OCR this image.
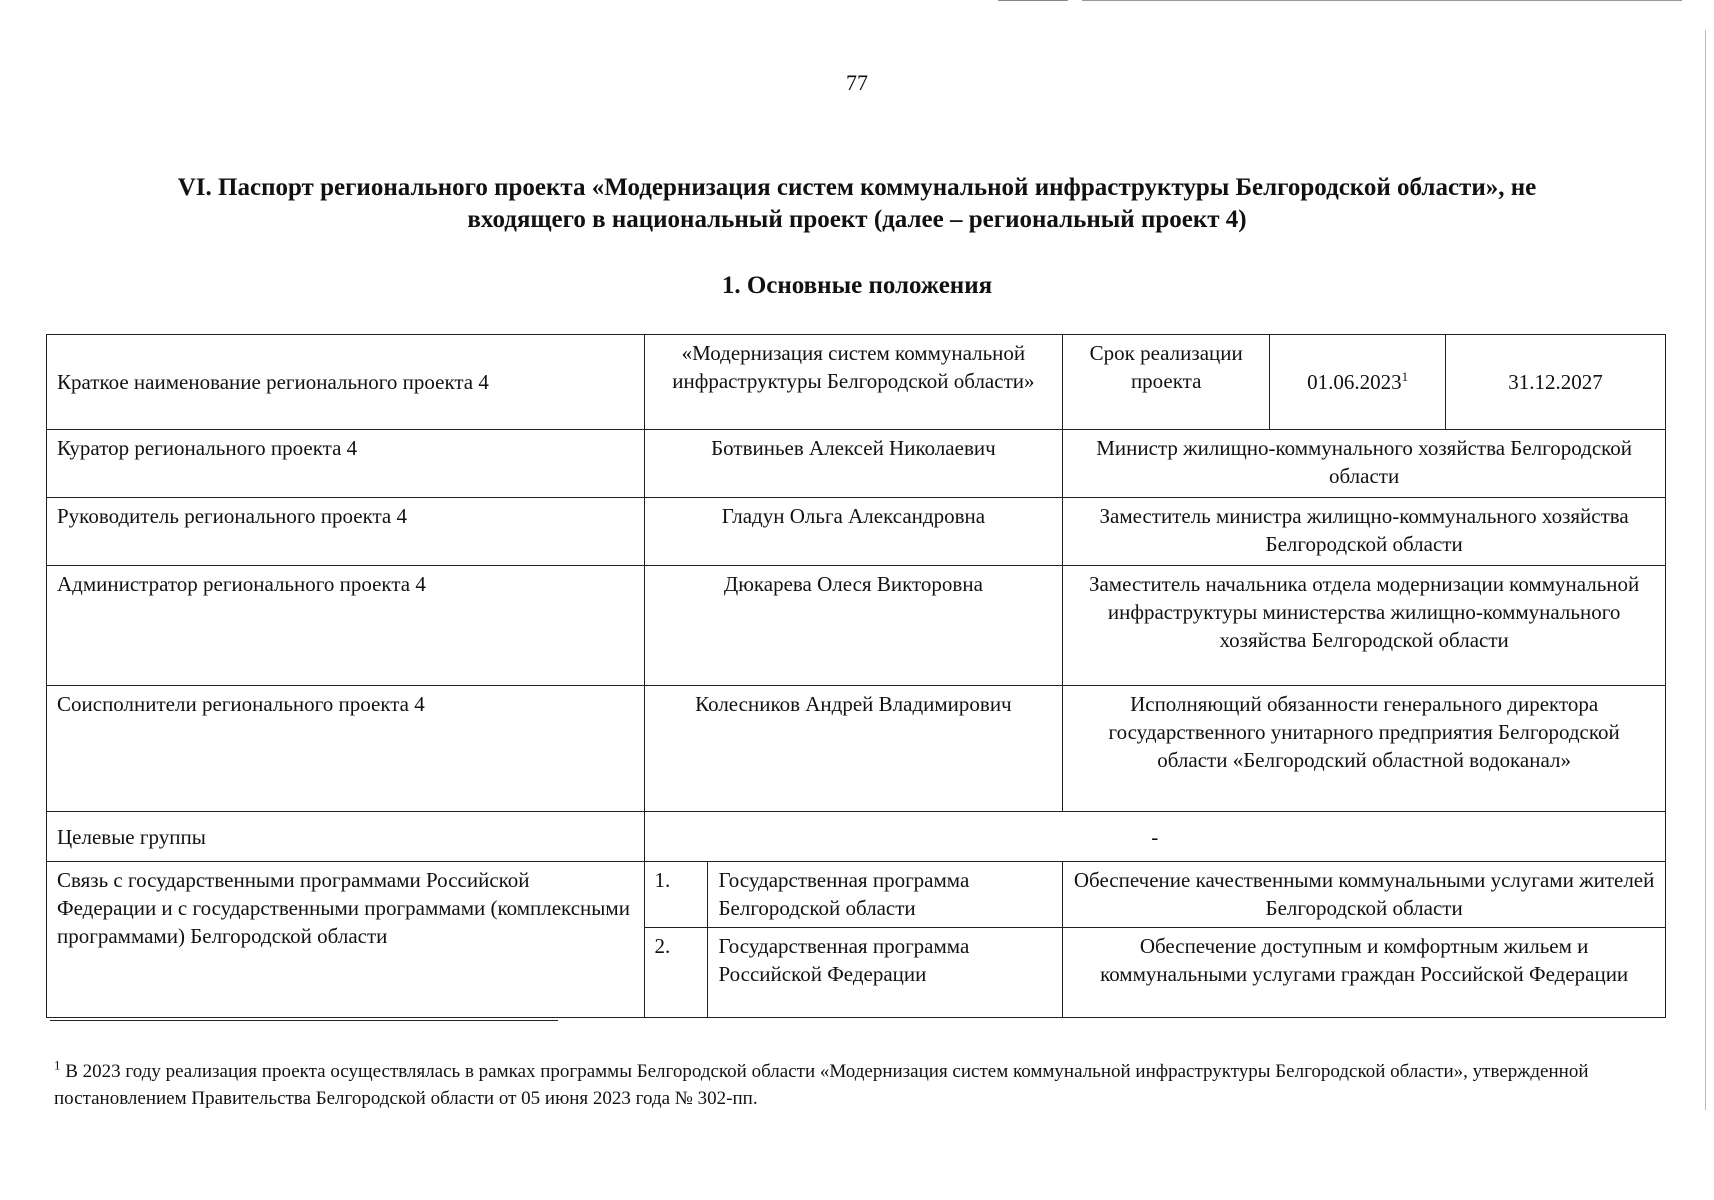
77
VI. Паспорт регионального проекта «Модернизация систем коммунальной инфраструктуры Белгородской области», не входящего в национальный проект (далее – региональный проект 4)
1. Основные положения
Краткое наименование регионального проекта 4	«Модернизация систем коммунальной инфраструктуры Белгородской области»		Срок реализации проекта	01.06.2023$^1$	31.12.2027
Куратор регионального проекта 4	Ботвиньев Алексей Николаевич		Министр жилищно-коммунального хозяйства Белгородской области		
Руководитель регионального проекта 4	Гладун Ольга Александровна		Заместитель министра жилищно-коммунального хозяйства Белгородской области		
Администратор регионального проекта 4	Дюкарева Олеся Викторовна		Заместитель начальника отдела модернизации коммунальной инфраструктуры министерства жилищно-коммунального хозяйства Белгородской области		
Соисполнители регионального проекта 4	Колесников Андрей Владимирович		Исполняющий обязанности генерального директора государственного унитарного предприятия Белгородской области «Белгородский областной водоканал»		
Целевые группы	-				
Связь с государственными программами Российской Федерации и с государственными программами (комплексными программами) Белгородской области	1.	Государственная программа Белгородской области	Обеспечение качественными коммунальными услугами жителей Белгородской области		
	2.	Государственная программа Российской Федерации	Обеспечение доступным и комфортным жильем и коммунальными услугами граждан Российской Федерации		
$^1$ В 2023 году реализация проекта осуществлялась в рамках программы Белгородской области «Модернизация систем коммунальной инфраструктуры Белгородской области», утвержденной постановлением Правительства Белгородской области от 05 июня 2023 года № 302-пп.
